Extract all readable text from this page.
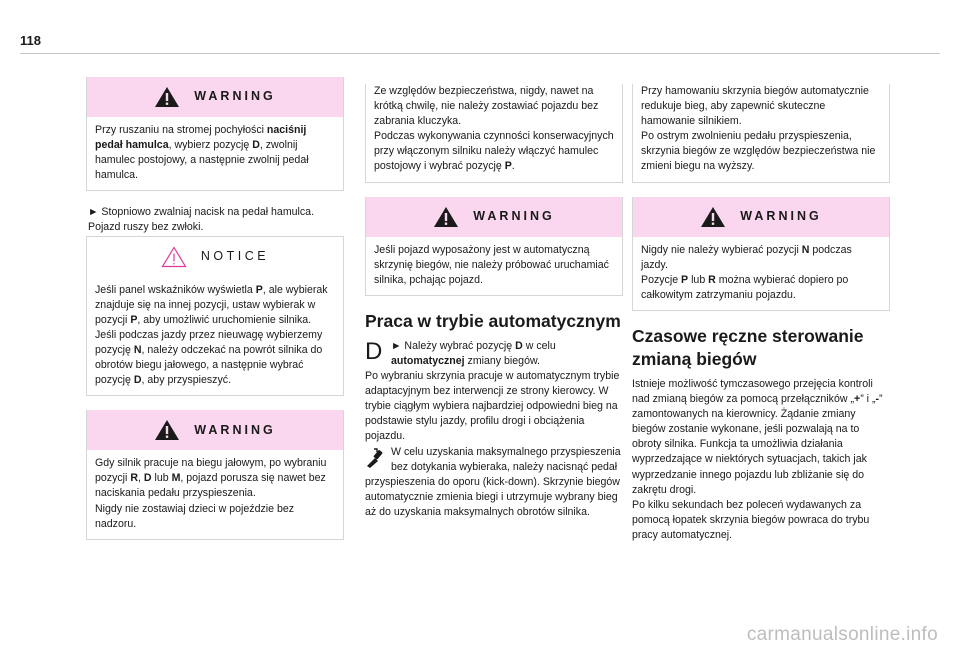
118
WARNING

Przy ruszaniu na stromej pochyłości naciśnij pedał hamulca, wybierz pozycję D, zwolnij hamulec postojowy, a następnie zwolnij pedał hamulca.

► Stopniowo zwalniaj nacisk na pedał hamulca. Pojazd ruszy bez zwłoki.

NOTICE

Jeśli panel wskaźników wyświetla P, ale wybierak znajduje się na innej pozycji, ustaw wybierak w pozycji P, aby umożliwić uruchomienie silnika.

Jeśli podczas jazdy przez nieuwagę wybierzemy pozycję N, należy odczekać na powrót silnika do obrotów biegu jałowego, a następnie wybrać pozycję D, aby przyspieszyć.

WARNING

Gdy silnik pracuje na biegu jałowym, po wybraniu pozycji R, D lub M, pojazd porusza się nawet bez naciskania pedału przyspieszenia.

Nigdy nie zostawiaj dzieci w pojeździe bez nadzoru.

Ze względów bezpieczeństwa, nigdy, nawet na krótką chwilę, nie należy zostawiać pojazdu bez zabrania kluczyka.

Podczas wykonywania czynności konserwacyjnych przy włączonym silniku należy włączyć hamulec postojowy i wybrać pozycję P.

WARNING

Jeśli pojazd wyposażony jest w automatyczną skrzynię biegów, nie należy próbować uruchamiać silnika, pchając pojazd.

Praca w trybie automatycznym
D ► Należy wybrać pozycję D w celu automatycznej zmiany biegów.

Po wybraniu skrzynia pracuje w automatycznym trybie adaptacyjnym bez interwencji ze strony kierowcy. W trybie ciągłym wybiera najbardziej odpowiedni bieg na podstawie stylu jazdy, profilu drogi i obciążenia pojazdu.

W celu uzyskania maksymalnego przyspieszenia bez dotykania wybieraka, należy nacisnąć pedał przyspieszenia do oporu (kick-down). Skrzynie biegów automatycznie zmienia biegi i utrzymuje wybrany bieg aż do uzyskania maksymalnych obrotów silnika.

Przy hamowaniu skrzynia biegów automatycznie redukuje bieg, aby zapewnić skuteczne hamowanie silnikiem.

Po ostrym zwolnieniu pedału przyspieszenia, skrzynia biegów ze względów bezpieczeństwa nie zmieni biegu na wyższy.

WARNING

Nigdy nie należy wybierać pozycji N podczas jazdy.

Pozycje P lub R można wybierać dopiero po całkowitym zatrzymaniu pojazdu.

Czasowe ręczne sterowanie zmianą biegów

Istnieje możliwość tymczasowego przejęcia kontroli nad zmianą biegów za pomocą przełączników „+” i „-” zamontowanych na kierownicy. Żądanie zmiany biegów zostanie wykonane, jeśli pozwalają na to obroty silnika. Funkcja ta umożliwia działania wyprzedzające w niektórych sytuacjach, takich jak wyprzedzanie innego pojazdu lub zbliżanie się do zakrętu drogi.

Po kilku sekundach bez poleceń wydawanych za pomocą łopatek skrzynia biegów powraca do trybu pracy automatycznej.

carmanualsonline.info
